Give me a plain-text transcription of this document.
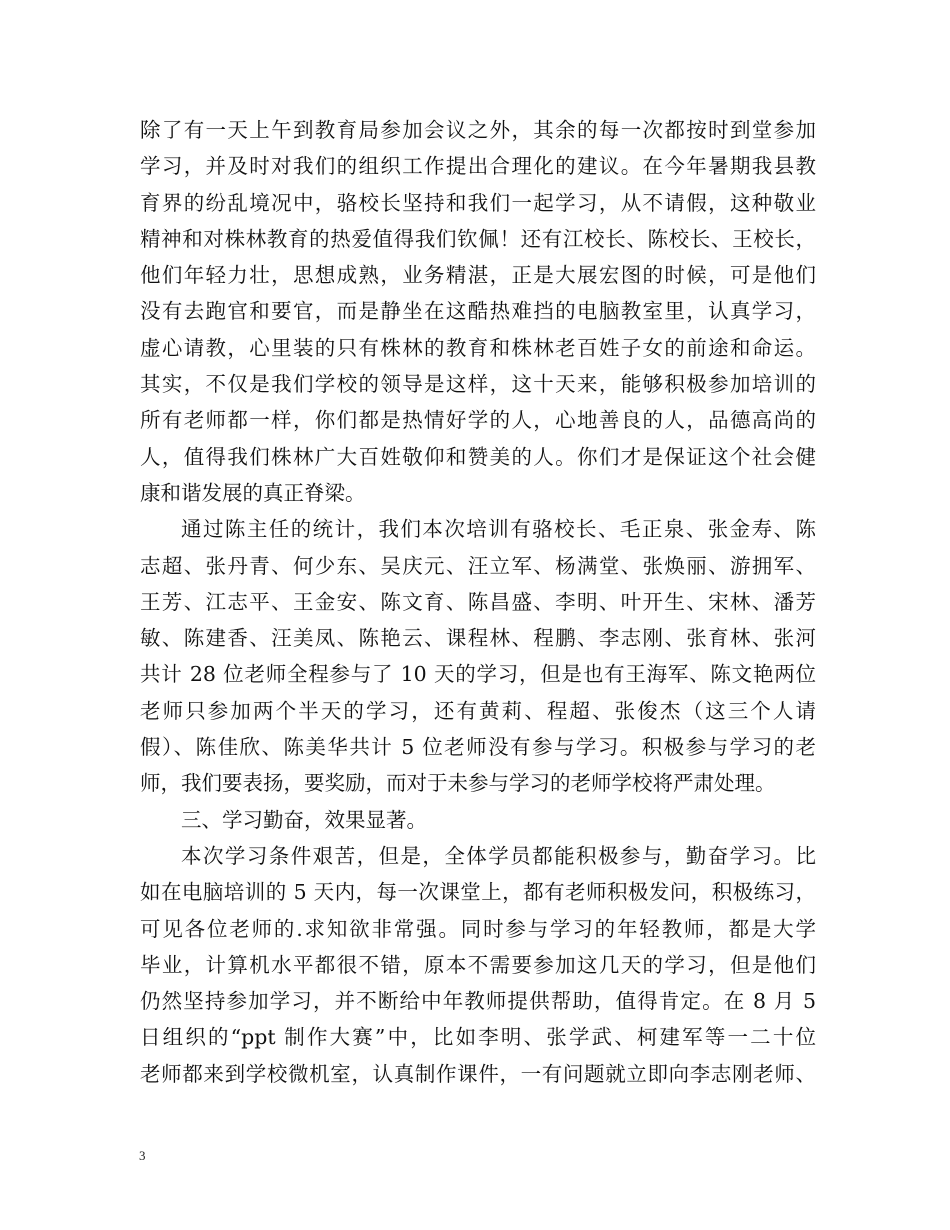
除了有一天上午到教育局参加会议之外，其余的每一次都按时到堂参加
学习，并及时对我们的组织工作提出合理化的建议。在今年暑期我县教
育界的纷乱境况中，骆校长坚持和我们一起学习，从不请假，这种敬业
精神和对株林教育的热爱值得我们钦佩！还有江校长、陈校长、王校长，
他们年轻力壮，思想成熟，业务精湛，正是大展宏图的时候，可是他们
没有去跑官和要官，而是静坐在这酷热难挡的电脑教室里，认真学习，
虚心请教，心里装的只有株林的教育和株林老百姓子女的前途和命运。
其实，不仅是我们学校的领导是这样，这十天来，能够积极参加培训的
所有老师都一样，你们都是热情好学的人，心地善良的人，品德高尚的
人，值得我们株林广大百姓敬仰和赞美的人。你们才是保证这个社会健
康和谐发展的真正脊梁。
通过陈主任的统计，我们本次培训有骆校长、毛正泉、张金寿、陈
志超、张丹青、何少东、吴庆元、汪立军、杨满堂、张焕丽、游拥军、
王芳、江志平、王金安、陈文育、陈昌盛、李明、叶开生、宋林、潘芳
敏、陈建香、汪美凤、陈艳云、课程林、程鹏、李志刚、张育林、张河
共计 28 位老师全程参与了 10 天的学习，但是也有王海军、陈文艳两位
老师只参加两个半天的学习，还有黄莉、程超、张俊杰（这三个人请
假）、陈佳欣、陈美华共计 5 位老师没有参与学习。积极参与学习的老
师，我们要表扬，要奖励，而对于未参与学习的老师学校将严肃处理。
三、学习勤奋，效果显著。
本次学习条件艰苦，但是，全体学员都能积极参与，勤奋学习。比
如在电脑培训的 5 天内，每一次课堂上，都有老师积极发问，积极练习，
可见各位老师的.求知欲非常强。同时参与学习的年轻教师，都是大学
毕业，计算机水平都很不错，原本不需要参加这几天的学习，但是他们
仍然坚持参加学习，并不断给中年教师提供帮助，值得肯定。在 8 月 5
日组织的“ppt 制作大赛”中，比如李明、张学武、柯建军等一二十位
老师都来到学校微机室，认真制作课件，一有问题就立即向李志刚老师、
3
